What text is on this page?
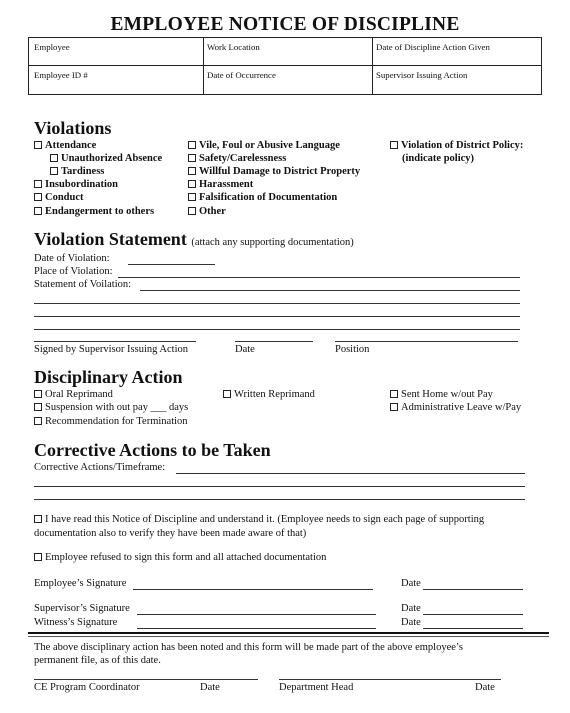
EMPLOYEE NOTICE OF DISCIPLINE
Employee	Work Location	Date of Discipline Action Given
Employee ID #	Date of Occurrence	Supervisor Issuing Action
Violations
Attendance
Unauthorized Absence
Tardiness
Insubordination
Conduct
Endangerment to others
Vile, Foul or Abusive Language
Safety/Carelessness
Willful Damage to District Property
Harassment
Falsification of Documentation
Other
Violation of District Policy:
(indicate policy)
Violation Statement (attach any supporting documentation)
Date of Violation:
Place of Violation:
Statement of Voilation:
Signed by Supervisor Issuing Action	Date	Position
Disciplinary Action
Oral Reprimand
Suspension with out pay ___ days
Recommendation for Termination
Written Reprimand	Sent Home w/out Pay
Administrative Leave w/Pay
Corrective Actions to be Taken
Corrective Actions/Timeframe:
I have read this Notice of Discipline and understand it. (Employee needs to sign each page of supporting
documentation also to verify they have been made aware of that)
Employee refused to sign this form and all attached documentation
Employee’s Signature	Date
Supervisor’s Signature	Date
Witness’s Signature	Date
The above disciplinary action has been noted and this form will be made part of the above employee’s
permanent file, as of this date.
CE Program Coordinator	Date	Department Head	Date
